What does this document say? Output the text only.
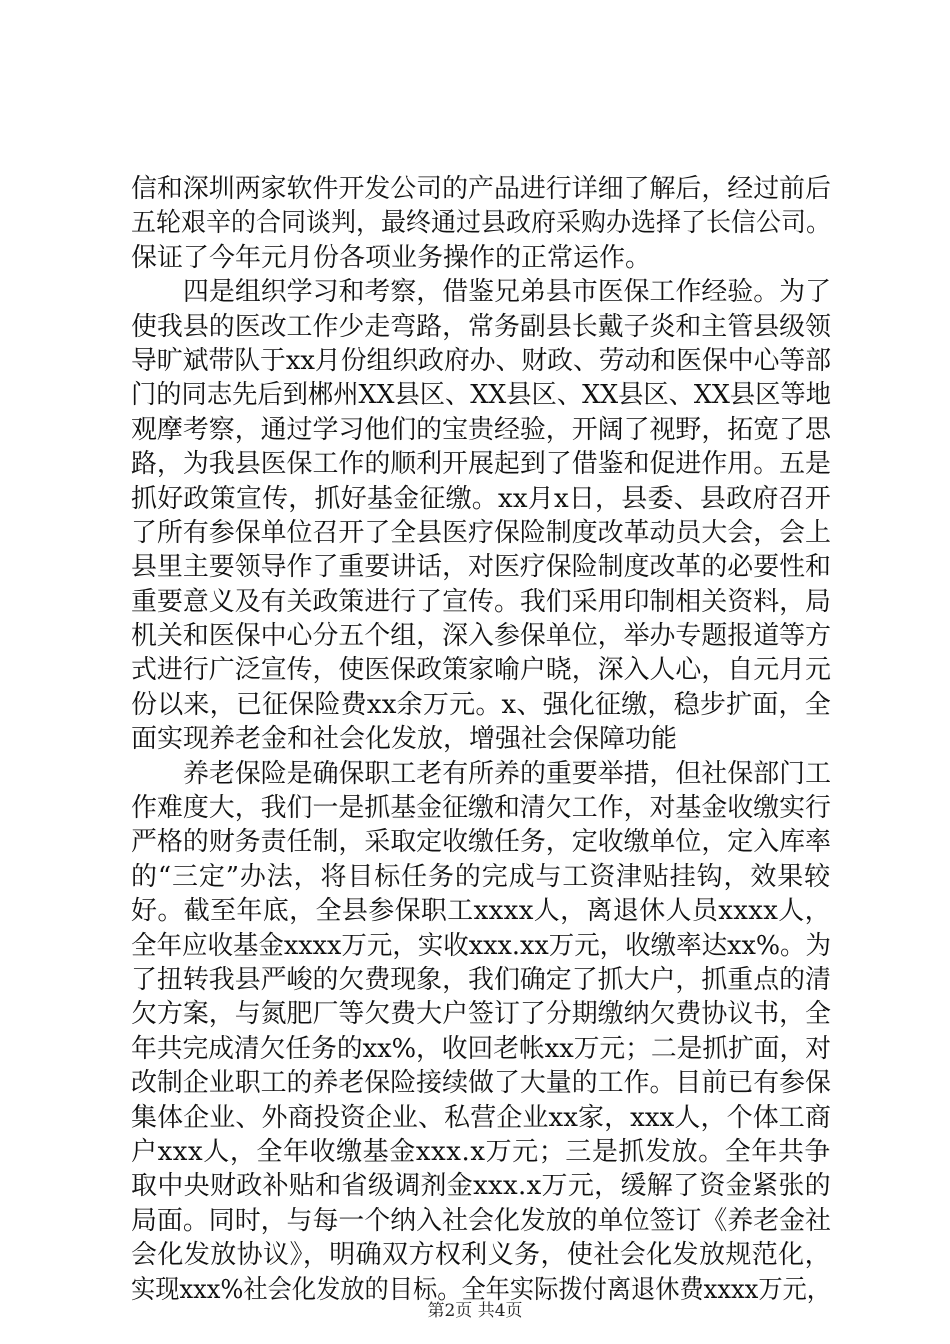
信和深圳两家软件开发公司的产品进行详细了解后，经过前后
五轮艰辛的合同谈判，最终通过县政府采购办选择了长信公司。
保证了今年元月份各项业务操作的正常运作。
四是组织学习和考察，借鉴兄弟县市医保工作经验。为了
使我县的医改工作少走弯路，常务副县长戴子炎和主管县级领
导旷斌带队于xx月份组织政府办、财政、劳动和医保中心等部
门的同志先后到郴州XX县区、XX县区、XX县区、XX县区等地
观摩考察，通过学习他们的宝贵经验，开阔了视野，拓宽了思
路，为我县医保工作的顺利开展起到了借鉴和促进作用。五是
抓好政策宣传，抓好基金征缴。xx月x日，县委、县政府召开
了所有参保单位召开了全县医疗保险制度改革动员大会，会上
县里主要领导作了重要讲话，对医疗保险制度改革的必要性和
重要意义及有关政策进行了宣传。我们采用印制相关资料，局
机关和医保中心分五个组，深入参保单位，举办专题报道等方
式进行广泛宣传，使医保政策家喻户晓，深入人心，自元月元
份以来，已征保险费xx余万元。x、强化征缴，稳步扩面，全
面实现养老金和社会化发放，增强社会保障功能
养老保险是确保职工老有所养的重要举措，但社保部门工
作难度大，我们一是抓基金征缴和清欠工作，对基金收缴实行
严格的财务责任制，采取定收缴任务，定收缴单位，定入库率
的“三定”办法，将目标任务的完成与工资津贴挂钩，效果较
好。截至年底，全县参保职工xxxx人，离退休人员xxxx人，
全年应收基金xxxx万元，实收xxx.xx万元，收缴率达xx%。为
了扭转我县严峻的欠费现象，我们确定了抓大户，抓重点的清
欠方案，与氮肥厂等欠费大户签订了分期缴纳欠费协议书，全
年共完成清欠任务的xx%，收回老帐xx万元；二是抓扩面，对
改制企业职工的养老保险接续做了大量的工作。目前已有参保
集体企业、外商投资企业、私营企业xx家，xxx人，个体工商
户xxx人，全年收缴基金xxx.x万元；三是抓发放。全年共争
取中央财政补贴和省级调剂金xxx.x万元，缓解了资金紧张的
局面。同时，与每一个纳入社会化发放的单位签订《养老金社
会化发放协议》，明确双方权利义务，使社会化发放规范化，
实现xxx%社会化发放的目标。全年实际拨付离退休费xxxx万元，
第2页 共4页
